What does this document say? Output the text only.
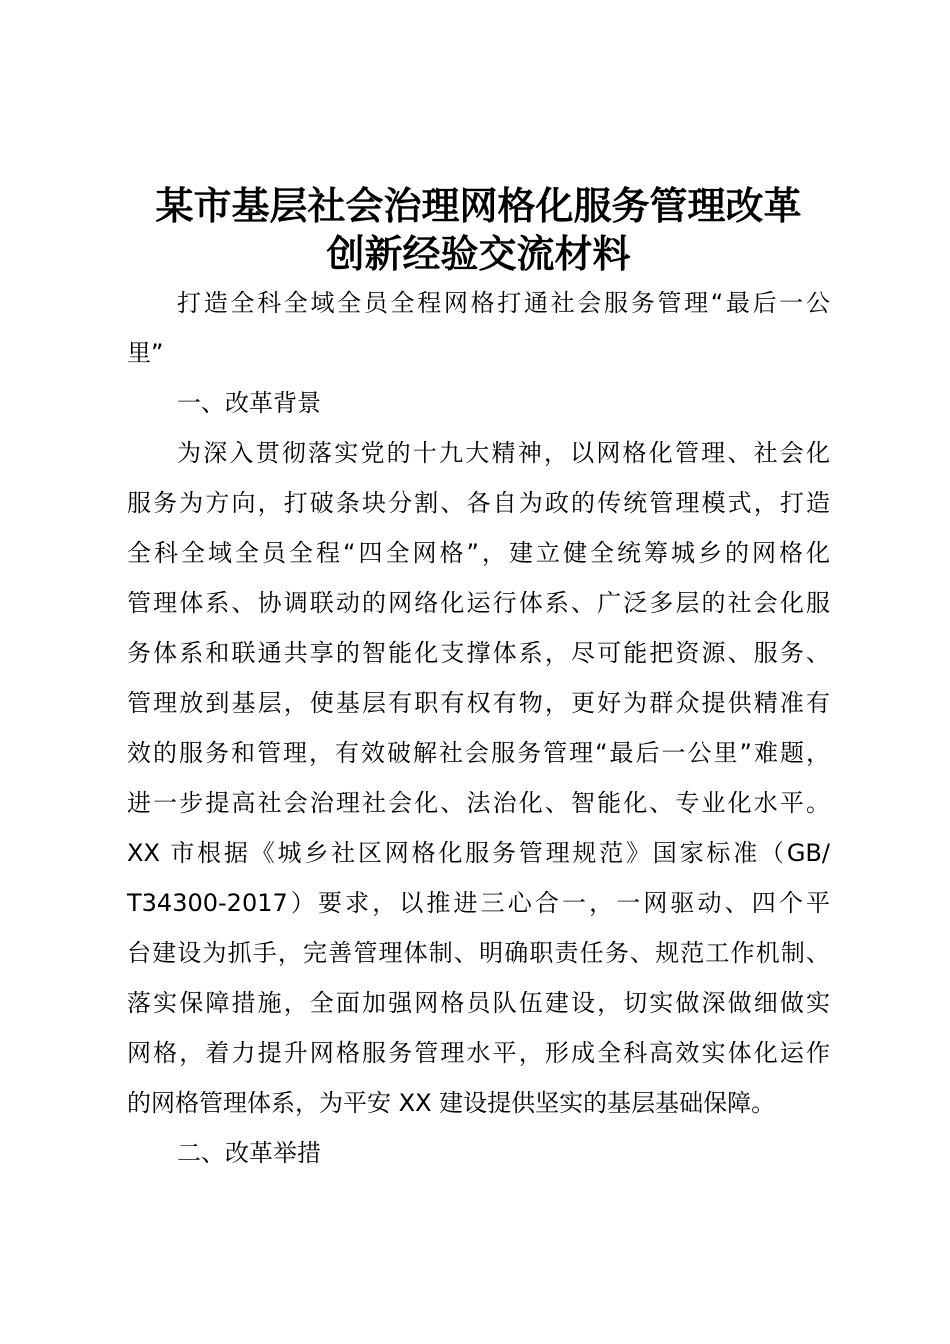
某市基层社会治理网格化服务管理改革
创新经验交流材料
打造全科全域全员全程网格打通社会服务管理“最后一公
里”
一、改革背景
为深入贯彻落实党的十九大精神，以网格化管理、社会化
服务为方向，打破条块分割、各自为政的传统管理模式，打造
全科全域全员全程“四全网格”，建立健全统筹城乡的网格化
管理体系、协调联动的网络化运行体系、广泛多层的社会化服
务体系和联通共享的智能化支撑体系，尽可能把资源、服务、
管理放到基层，使基层有职有权有物，更好为群众提供精准有
效的服务和管理，有效破解社会服务管理“最后一公里”难题，
进一步提高社会治理社会化、法治化、智能化、专业化水平。
XX 市根据《城乡社区网格化服务管理规范》国家标准（GB/
T34300-2017）要求，以推进三心合一，一网驱动、四个平
台建设为抓手，完善管理体制、明确职责任务、规范工作机制、
落实保障措施，全面加强网格员队伍建设，切实做深做细做实
网格，着力提升网格服务管理水平，形成全科高效实体化运作
的网格管理体系，为平安 XX 建设提供坚实的基层基础保障。
二、改革举措
